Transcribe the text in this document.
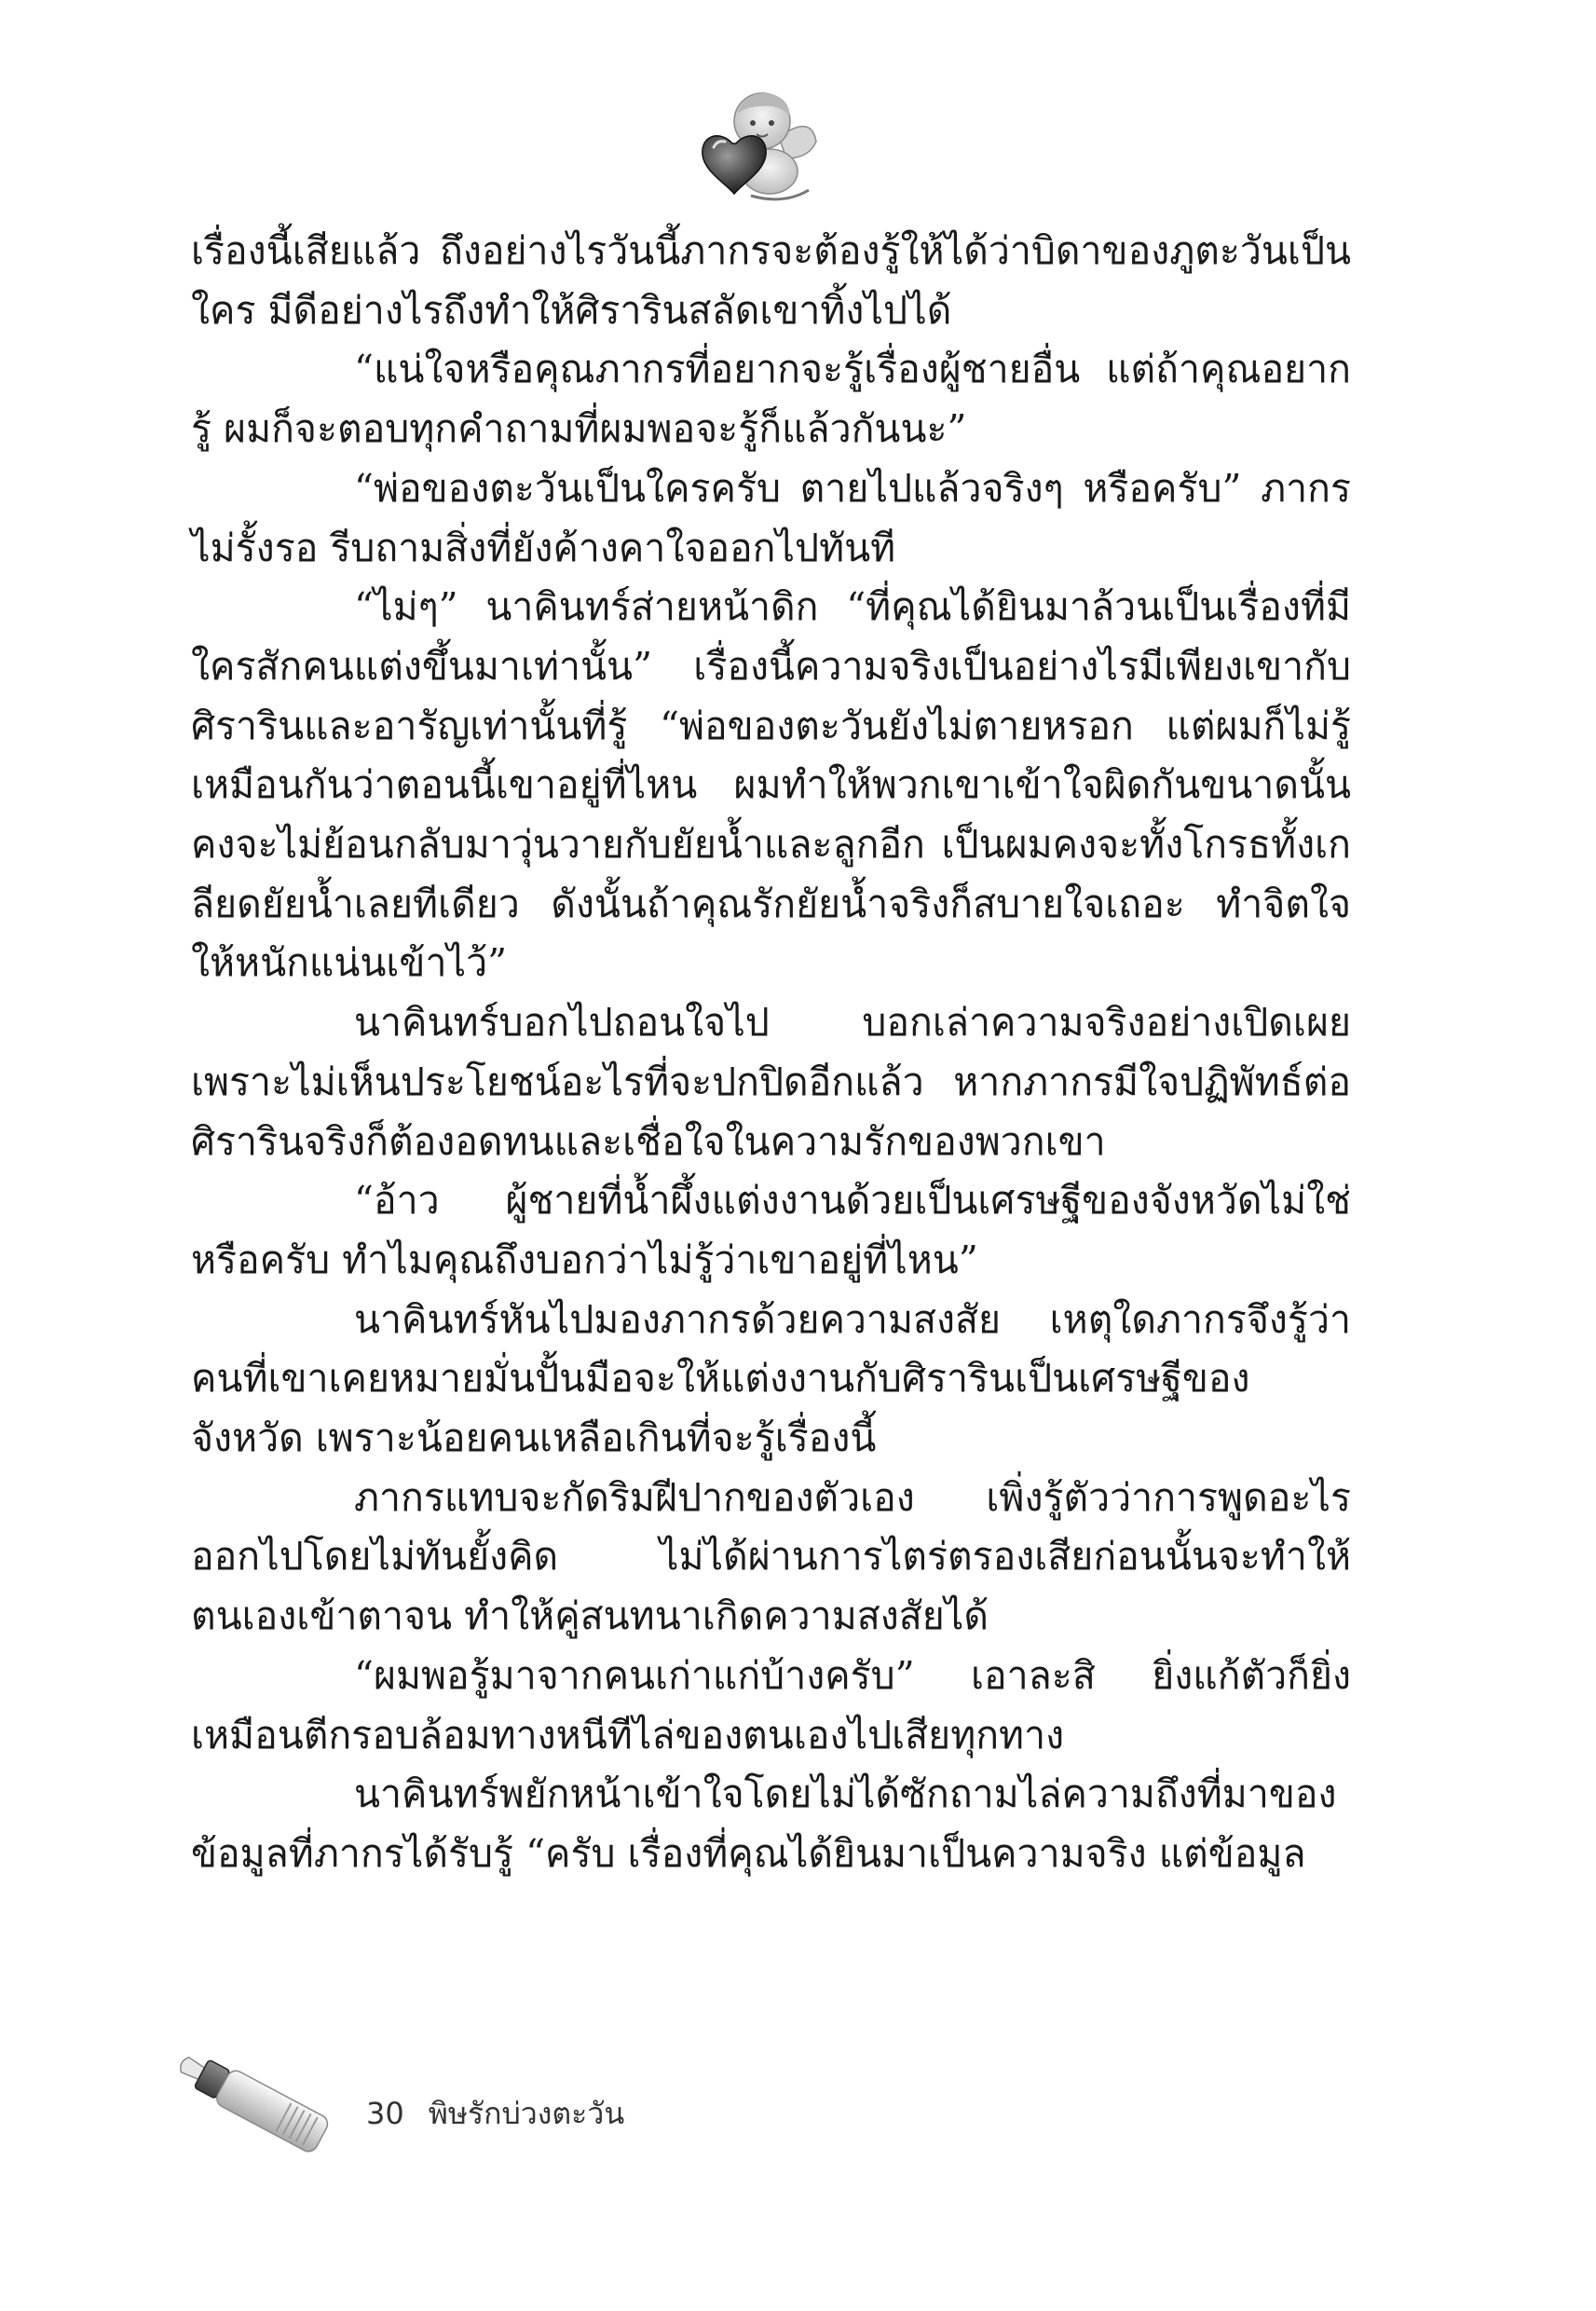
เรื่องนี้เสียแล้ว ถึงอย่างไรวันนี้ภากรจะต้องรู้ให้ได้ว่าบิดาของภูตะวันเป็นใคร มีดีอย่างไรถึงทำให้ศิรารินสลัดเขาทิ้งไปได้

“แน่ใจหรือคุณภากรที่อยากจะรู้เรื่องผู้ชายอื่น แต่ถ้าคุณอยากรู้ ผมก็จะตอบทุกคำถามที่ผมพอจะรู้ก็แล้วกันนะ”

“พ่อของตะวันเป็นใครครับ ตายไปแล้วจริงๆ หรือครับ” ภากรไม่รั้งรอ รีบถามสิ่งที่ยังค้างคาใจออกไปทันที

“ไม่ๆ” นาคินทร์ส่ายหน้าดิก “ที่คุณได้ยินมาล้วนเป็นเรื่องที่มีใครสักคนแต่งขึ้นมาเท่านั้น” เรื่องนี้ความจริงเป็นอย่างไรมีเพียงเขากับศิรารินและอารัญเท่านั้นที่รู้ “พ่อของตะวันยังไม่ตายหรอก แต่ผมก็ไม่รู้เหมือนกันว่าตอนนี้เขาอยู่ที่ไหน ผมทำให้พวกเขาเข้าใจผิดกันขนาดนั้นคงจะไม่ย้อนกลับมาวุ่นวายกับยัยน้ำและลูกอีก เป็นผมคงจะทั้งโกรธทั้งเกลียดยัยน้ำเลยทีเดียว ดังนั้นถ้าคุณรักยัยน้ำจริงก็สบายใจเถอะ ทำจิตใจให้หนักแน่นเข้าไว้”

นาคินทร์บอกไปถอนใจไป บอกเล่าความจริงอย่างเปิดเผยเพราะไม่เห็นประโยชน์อะไรที่จะปกปิดอีกแล้ว หากภากรมีใจปฏิพัทธ์ต่อศิรารินจริงก็ต้องอดทนและเชื่อใจในความรักของพวกเขา

“อ้าว ผู้ชายที่น้ำผึ้งแต่งงานด้วยเป็นเศรษฐีของจังหวัดไม่ใช่หรือครับ ทำไมคุณถึงบอกว่าไม่รู้ว่าเขาอยู่ที่ไหน”

นาคินทร์หันไปมองภากรด้วยความสงสัย เหตุใดภากรจึงรู้ว่าคนที่เขาเคยหมายมั่นปั้นมือจะให้แต่งงานกับศิรารินเป็นเศรษฐีของจังหวัด เพราะน้อยคนเหลือเกินที่จะรู้เรื่องนี้

ภากรแทบจะกัดริมฝีปากของตัวเอง เพิ่งรู้ตัวว่าการพูดอะไรออกไปโดยไม่ทันยั้งคิด ไม่ได้ผ่านการไตร่ตรองเสียก่อนนั้นจะทำให้ตนเองเข้าตาจน ทำให้คู่สนทนาเกิดความสงสัยได้

“ผมพอรู้มาจากคนเก่าแก่บ้างครับ” เอาละสิ ยิ่งแก้ตัวก็ยิ่งเหมือนตีกรอบล้อมทางหนีทีไล่ของตนเองไปเสียทุกทาง

นาคินทร์พยักหน้าเข้าใจโดยไม่ได้ซักถามไล่ความถึงที่มาของข้อมูลที่ภากรได้รับรู้ “ครับ เรื่องที่คุณได้ยินมาเป็นความจริง แต่ข้อมูล

30 พิษรักบ่วงตะวัน
